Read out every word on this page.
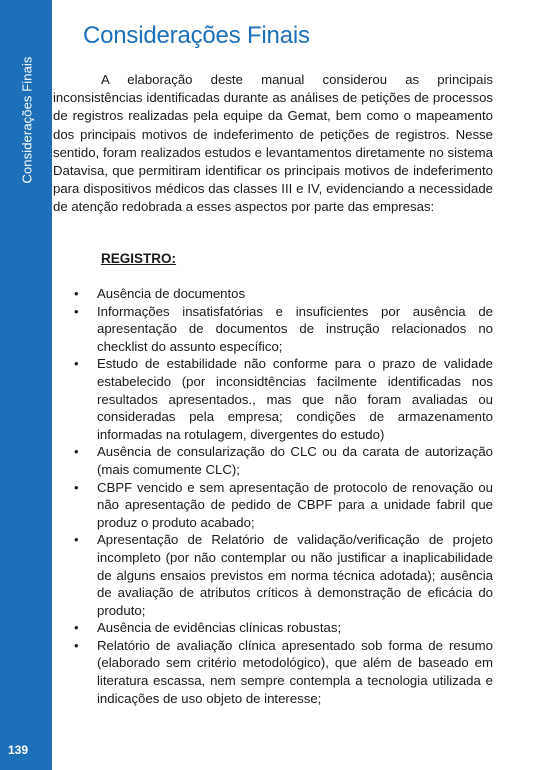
Considerações Finais
139
Considerações Finais

A elaboração deste manual considerou as principais inconsistências identificadas durante as análises de petições de processos de registros realizadas pela equipe da Gemat, bem como o mapeamento dos principais motivos de indeferimento de petições de registros. Nesse sentido, foram realizados estudos e levantamentos diretamente no sistema Datavisa, que permitiram identificar os principais motivos de indeferimento para dispositivos médicos das classes III e IV, evidenciando a necessidade de atenção redobrada a esses aspectos por parte das empresas:

REGISTRO:
• Ausência de documentos
• Informações insatisfatórias e insuficientes por ausência de apresentação de documentos de instrução relacionados no checklist do assunto específico;
• Estudo de estabilidade não conforme para o prazo de validade estabelecido (por inconsidtências facilmente identificadas nos resultados apresentados., mas que não foram avaliadas ou consideradas pela empresa; condições de armazenamento informadas na rotulagem, divergentes do estudo)
• Ausência de consularização do CLC ou da carata de autorização (mais comumente CLC);
• CBPF vencido e sem apresentação de protocolo de renovação ou não apresentação de pedido de CBPF para a unidade fabril que produz o produto acabado;
• Apresentação de Relatório de validação/verificação de projeto incompleto (por não contemplar ou não justificar a inaplicabilidade de alguns ensaios previstos em norma técnica adotada); ausência de avaliação de atributos críticos à demonstração de eficácia do produto;
• Ausência de evidências clínicas robustas;
• Relatório de avaliação clínica apresentado sob forma de resumo (elaborado sem critério metodológico), que além de baseado em literatura escassa, nem sempre contempla a tecnologia utilizada e indicações de uso objeto de interesse;
